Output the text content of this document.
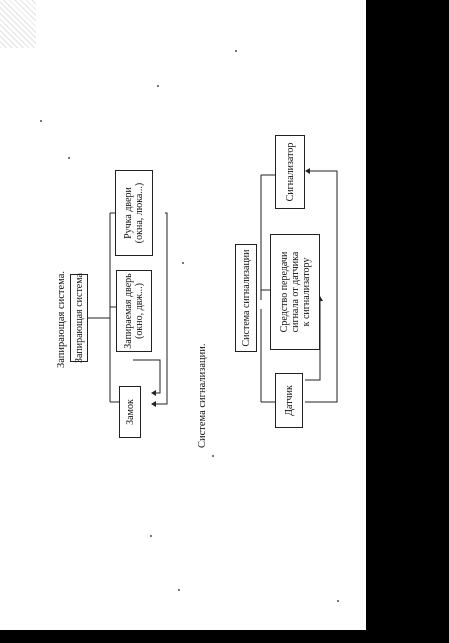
Запирающая система. Запирающая система
Замок
Запираемая дверь (окно, двж...)
Ручка двери (окна, люка...)
Система сигнализации.
Система сигнализации
Датчик
Средство передачи сигнала от датчика к сигнализатору
Сигнализатор
